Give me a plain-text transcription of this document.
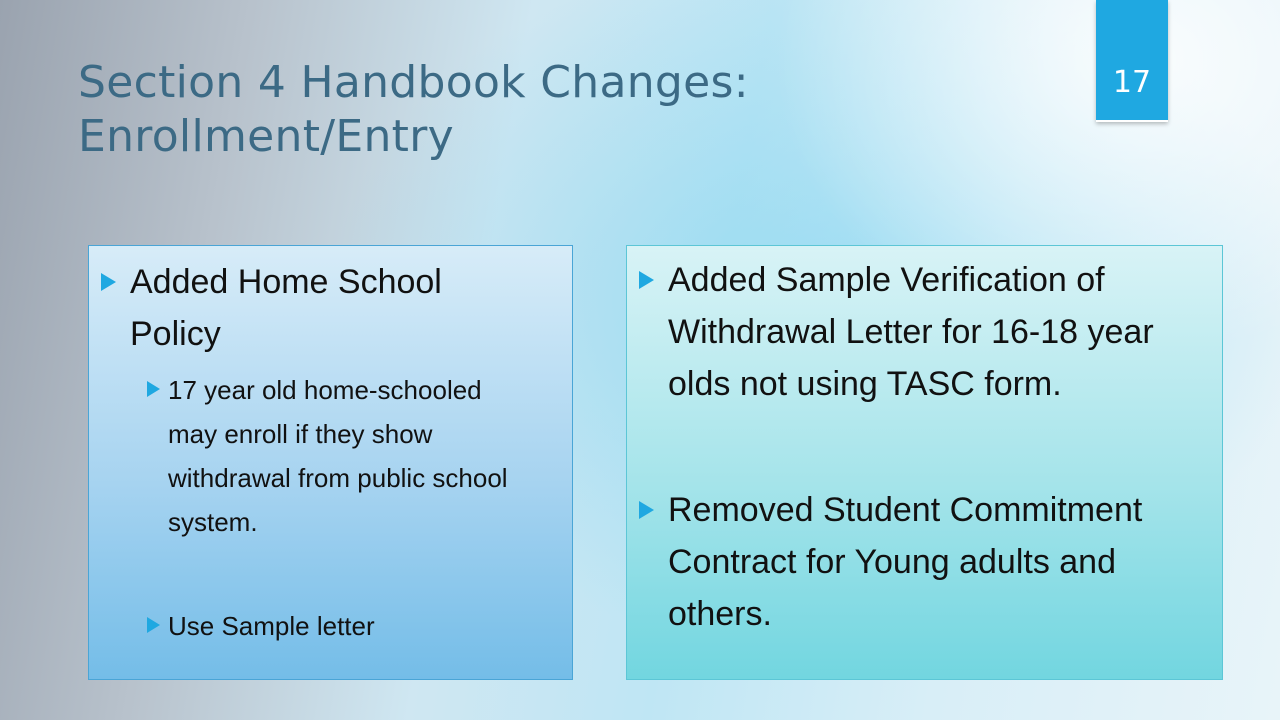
17
Section 4 Handbook Changes:
Enrollment/Entry
Added Home School Policy
17 year old home-schooled may enroll if they show withdrawal from public school system.
Use Sample letter
Added Sample Verification of Withdrawal Letter for 16-18 year olds not using TASC form.
Removed Student Commitment Contract for Young adults and others.
